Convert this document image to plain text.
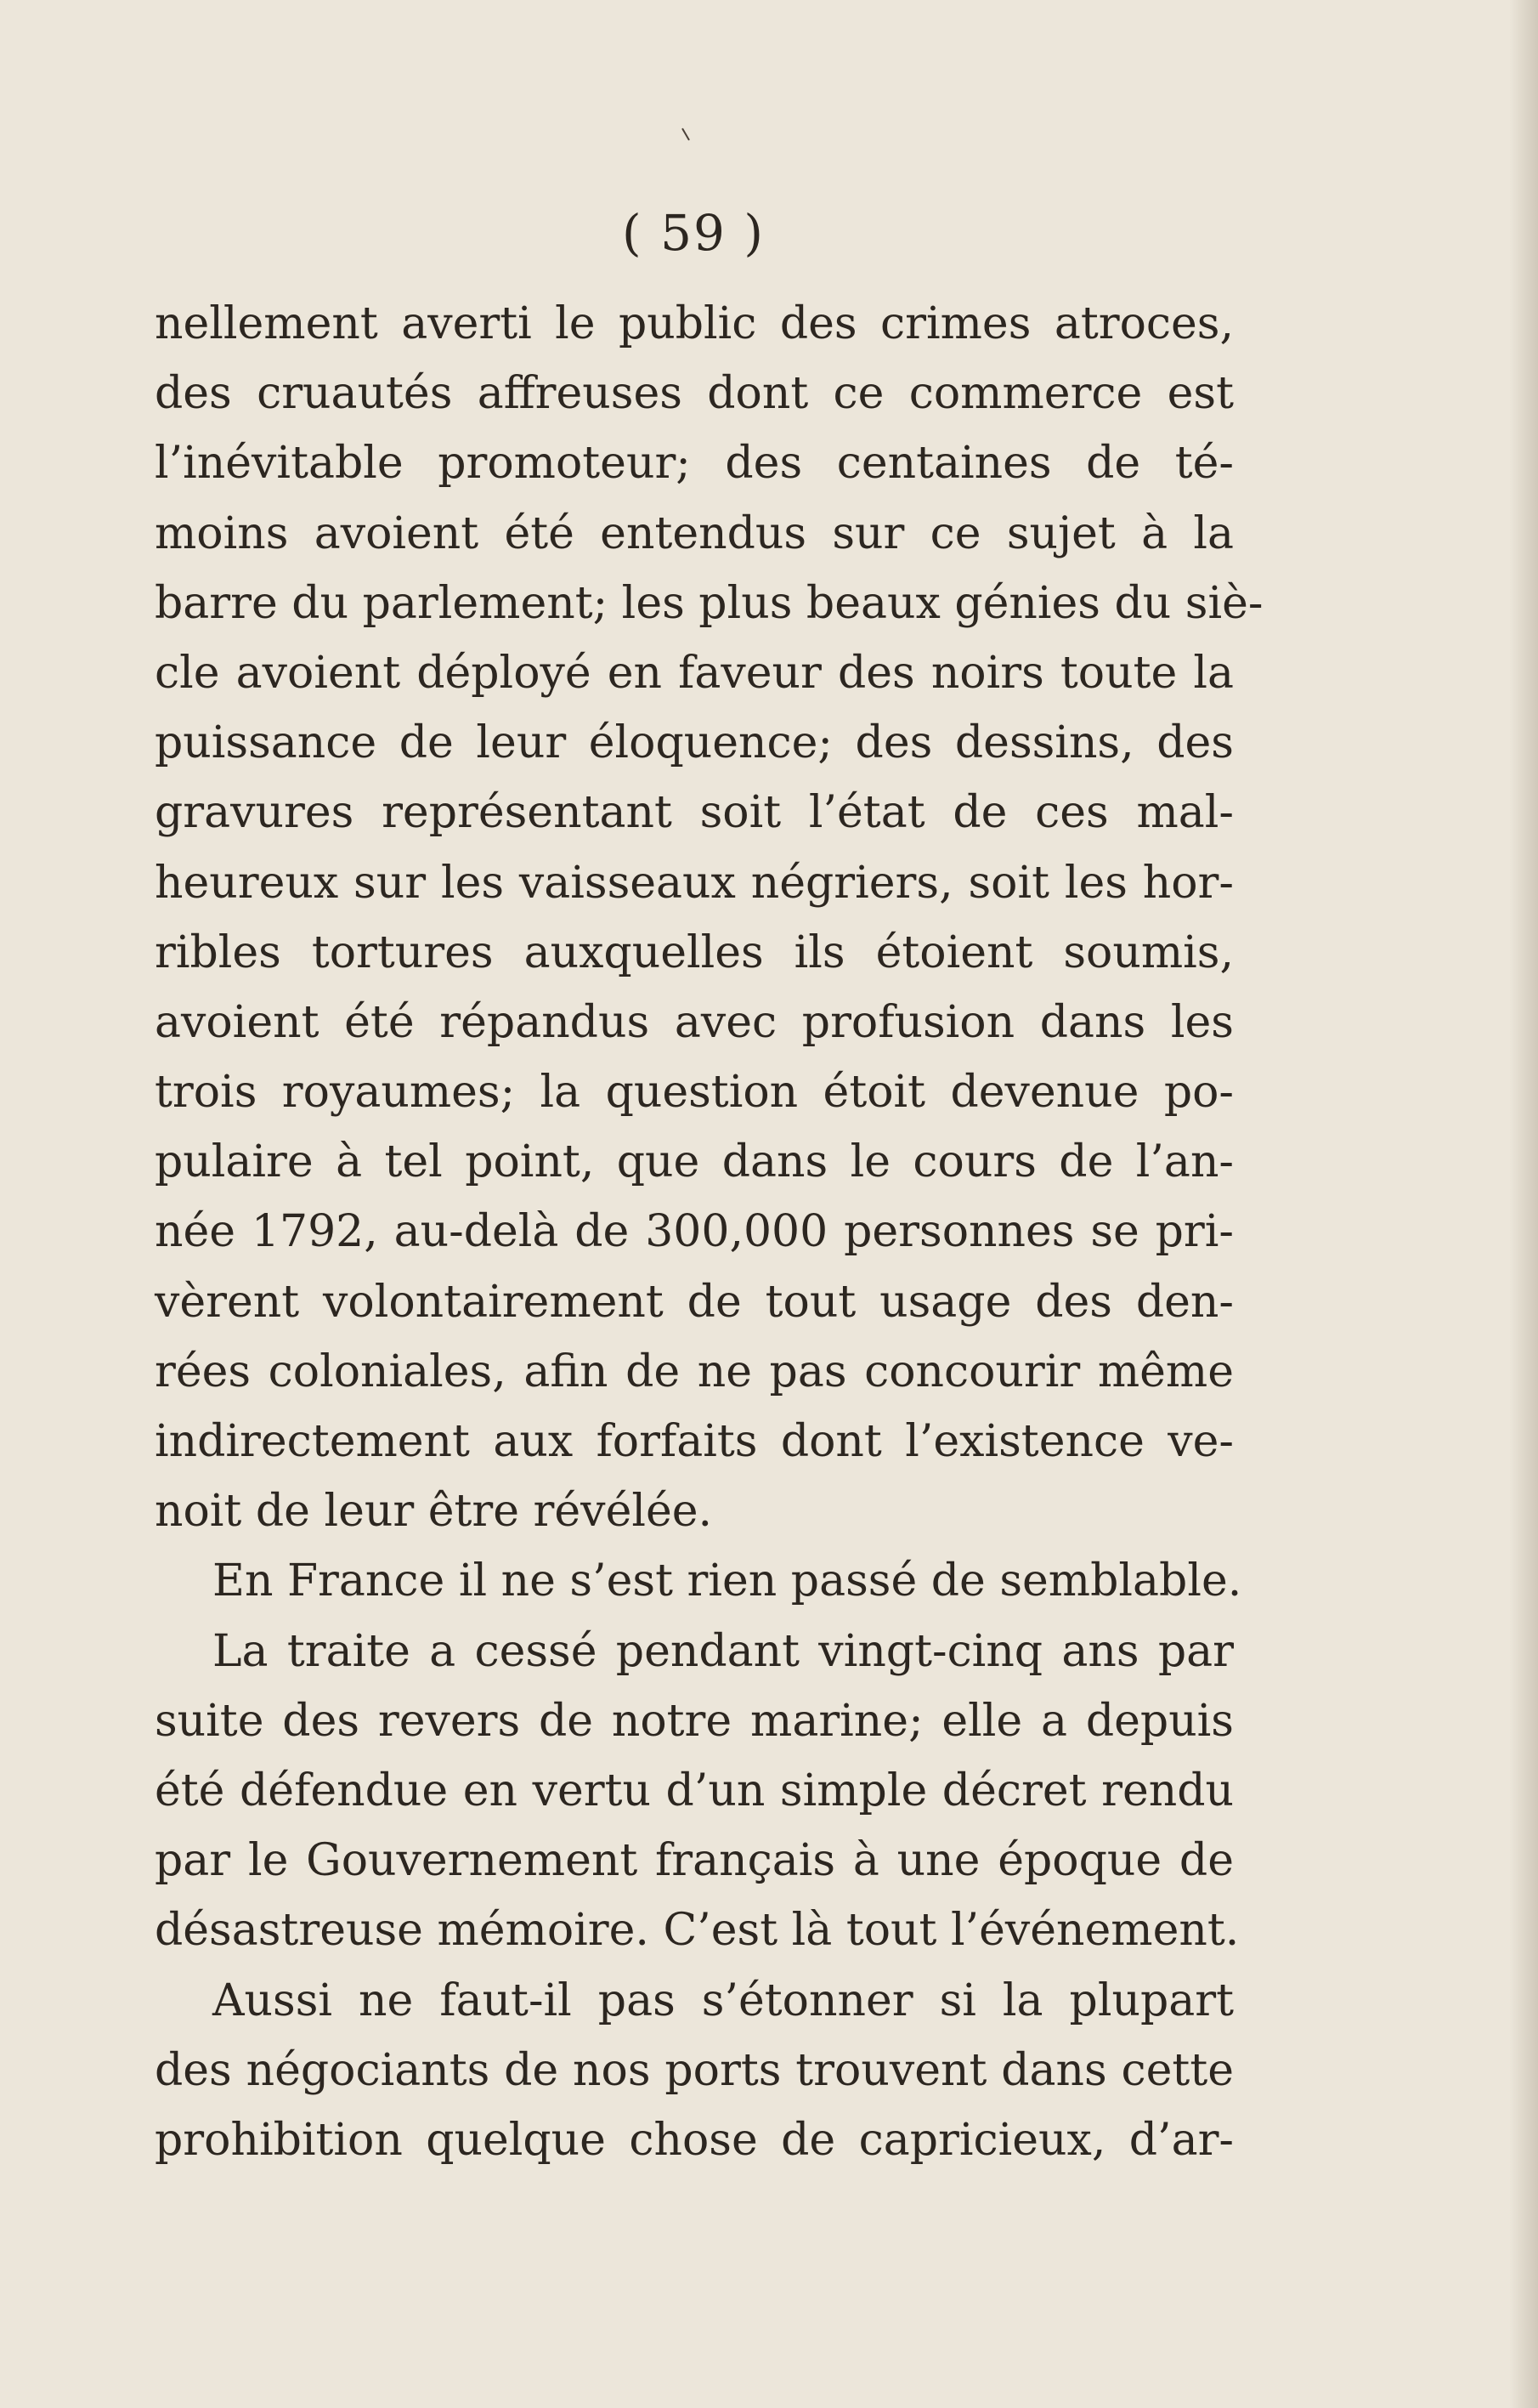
( 59 )
nellement averti le public des crimes atroces,
des cruautés affreuses dont ce commerce est
l’inévitable promoteur; des centaines de té-
moins avoient été entendus sur ce sujet à la
barre du parlement; les plus beaux génies du siè-
cle avoient déployé en faveur des noirs toute la
puissance de leur éloquence; des dessins, des
gravures représentant soit l’état de ces mal-
heureux sur les vaisseaux négriers, soit les hor-
ribles tortures auxquelles ils étoient soumis,
avoient été répandus avec profusion dans les
trois royaumes; la question étoit devenue po-
pulaire à tel point, que dans le cours de l’an-
née 1792, au-delà de 300,000 personnes se pri-
vèrent volontairement de tout usage des den-
rées coloniales, afin de ne pas concourir même
indirectement aux forfaits dont l’existence ve-
noit de leur être révélée.
En France il ne s’est rien passé de semblable.
La traite a cessé pendant vingt-cinq ans par
suite des revers de notre marine; elle a depuis
été défendue en vertu d’un simple décret rendu
par le Gouvernement français à une époque de
désastreuse mémoire. C’est là tout l’événement.
Aussi ne faut-il pas s’étonner si la plupart
des négociants de nos ports trouvent dans cette
prohibition quelque chose de capricieux, d’ar-
